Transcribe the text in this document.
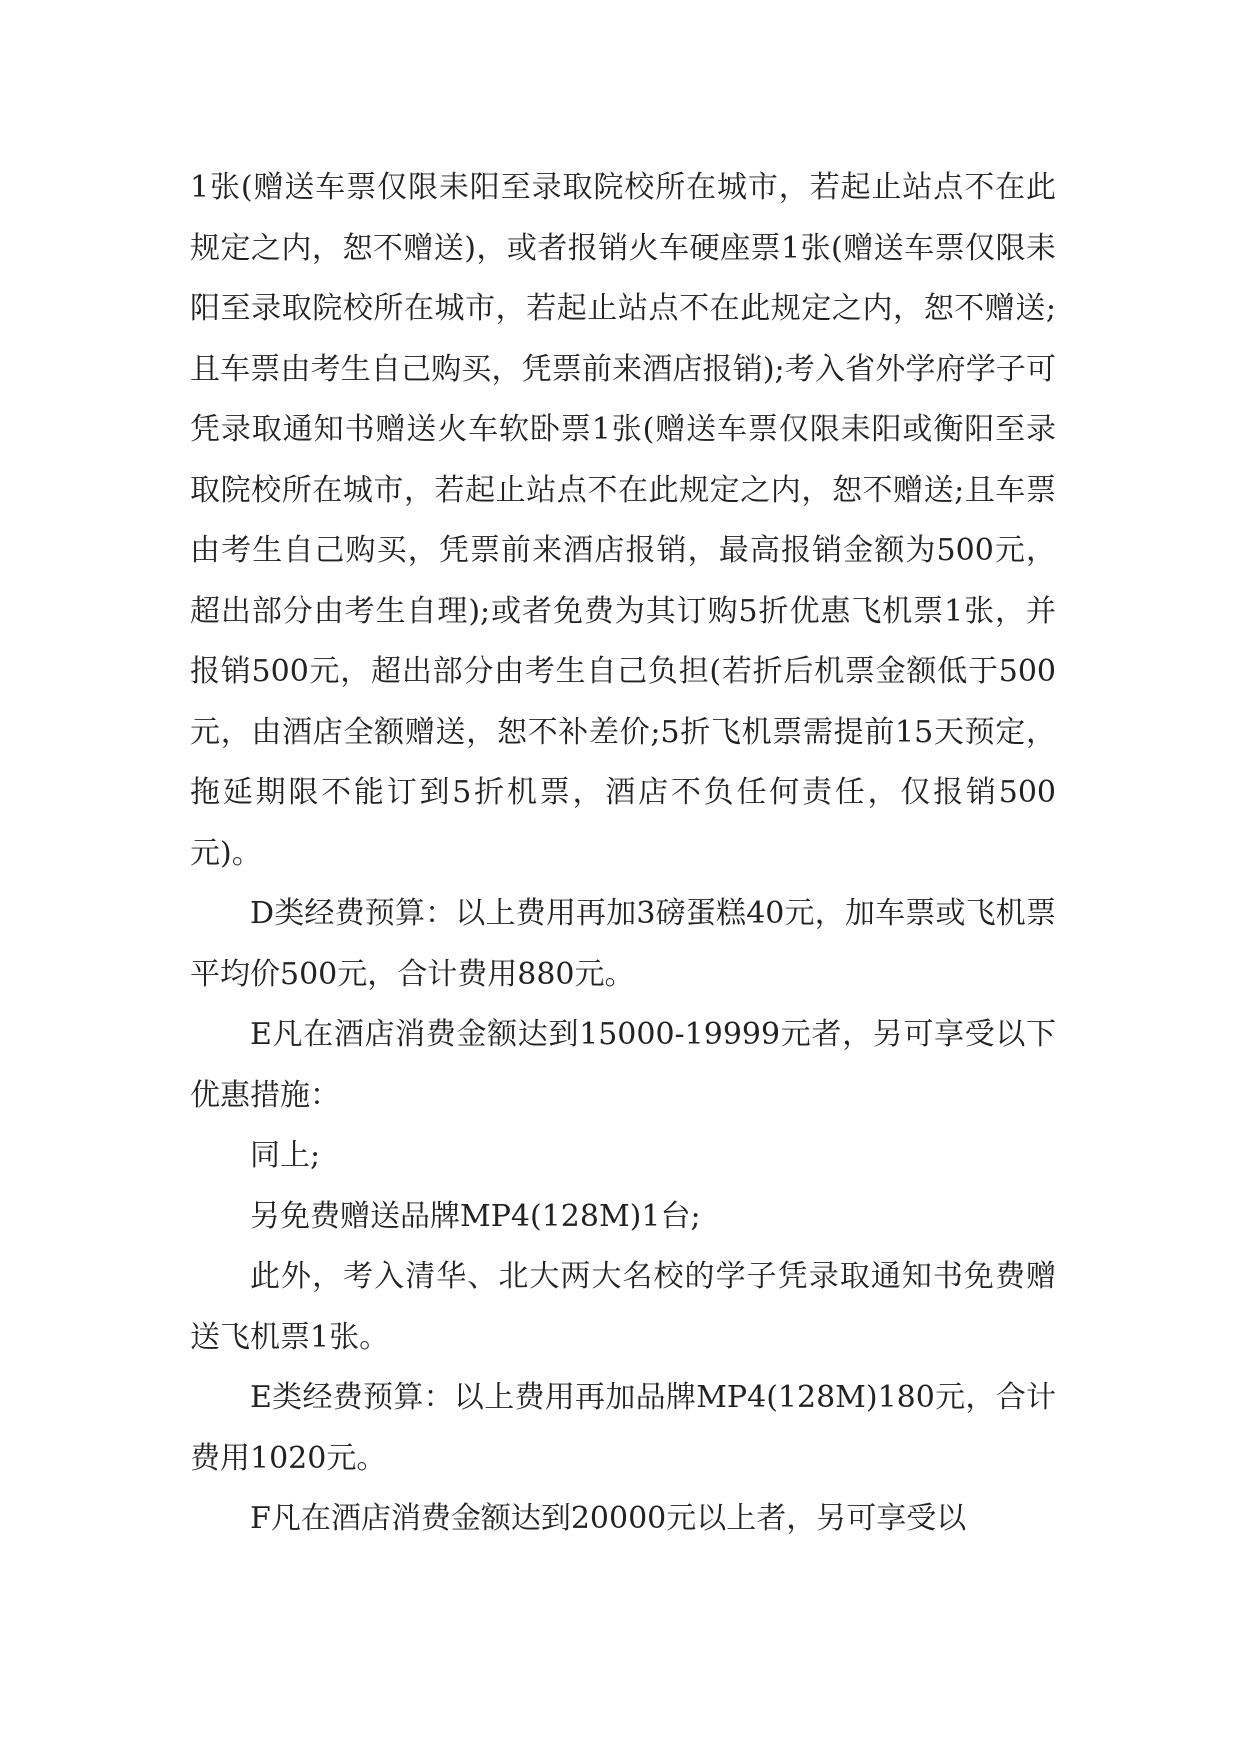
1张(赠送车票仅限耒阳至录取院校所在城市，若起止站点不在此规定之内，恕不赠送)，或者报销火车硬座票1张(赠送车票仅限耒阳至录取院校所在城市，若起止站点不在此规定之内，恕不赠送;且车票由考生自己购买，凭票前来酒店报销);考入省外学府学子可凭录取通知书赠送火车软卧票1张(赠送车票仅限耒阳或衡阳至录取院校所在城市，若起止站点不在此规定之内，恕不赠送;且车票由考生自己购买，凭票前来酒店报销，最高报销金额为500元，超出部分由考生自理);或者免费为其订购5折优惠飞机票1张，并报销500元，超出部分由考生自己负担(若折后机票金额低于500元，由酒店全额赠送，恕不补差价;5折飞机票需提前15天预定，拖延期限不能订到5折机票，酒店不负任何责任，仅报销500元)。

D类经费预算：以上费用再加3磅蛋糕40元，加车票或飞机票平均价500元，合计费用880元。

E凡在酒店消费金额达到15000-19999元者，另可享受以下优惠措施：

同上;

另免费赠送品牌MP4(128M)1台;

此外，考入清华、北大两大名校的学子凭录取通知书免费赠送飞机票1张。

E类经费预算：以上费用再加品牌MP4(128M)180元，合计费用1020元。

F凡在酒店消费金额达到20000元以上者，另可享受以
